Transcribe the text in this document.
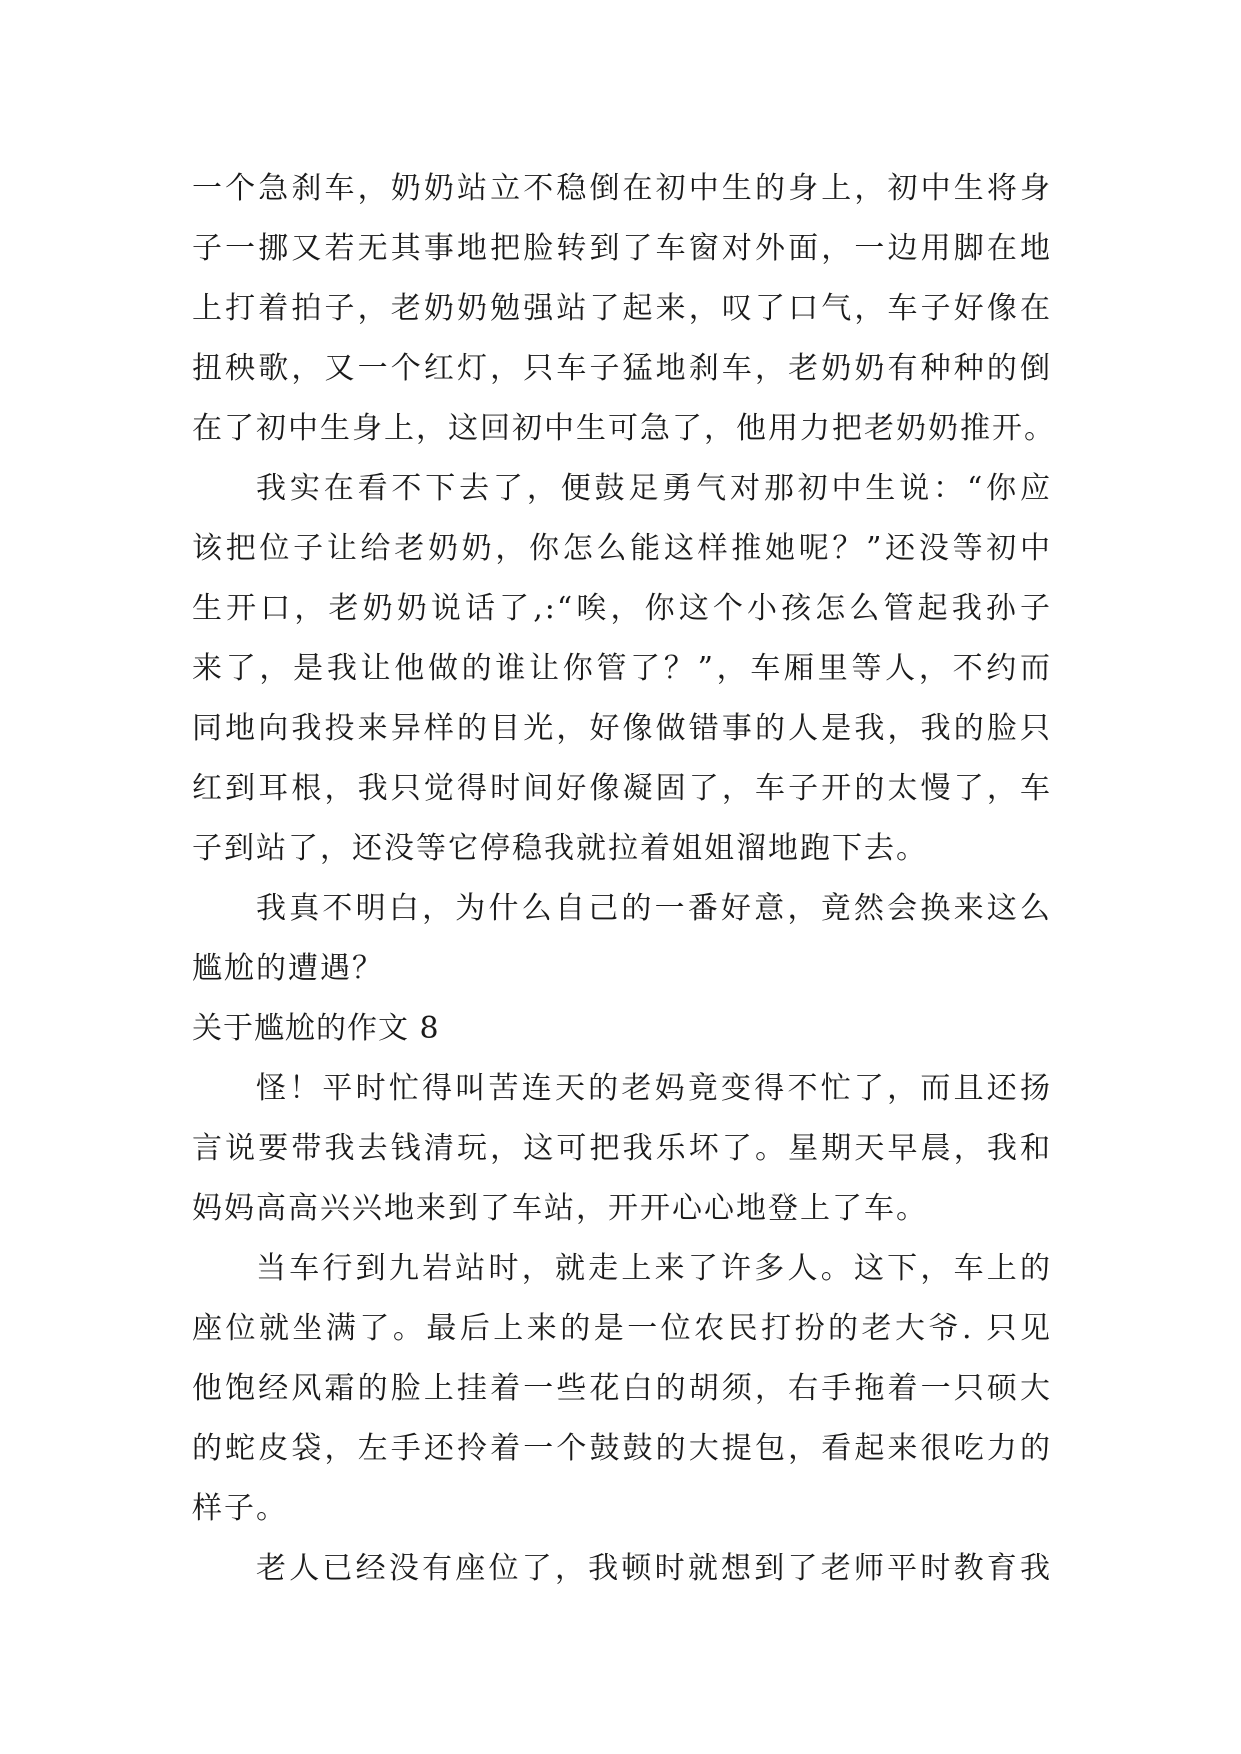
一个急刹车，奶奶站立不稳倒在初中生的身上，初中生将身
子一挪又若无其事地把脸转到了车窗对外面，一边用脚在地
上打着拍子，老奶奶勉强站了起来，叹了口气，车子好像在
扭秧歌，又一个红灯，只车子猛地刹车，老奶奶有种种的倒
在了初中生身上，这回初中生可急了，他用力把老奶奶推开。
我实在看不下去了，便鼓足勇气对那初中生说：“你应
该把位子让给老奶奶，你怎么能这样推她呢？”还没等初中
生开口，老奶奶说话了,:“唉，你这个小孩怎么管起我孙子
来了，是我让他做的谁让你管了？”，车厢里等人，不约而
同地向我投来异样的目光，好像做错事的人是我，我的脸只
红到耳根，我只觉得时间好像凝固了，车子开的太慢了，车
子到站了，还没等它停稳我就拉着姐姐溜地跑下去。
我真不明白，为什么自己的一番好意，竟然会换来这么
尴尬的遭遇？
关于尴尬的作文 8
怪！平时忙得叫苦连天的老妈竟变得不忙了，而且还扬
言说要带我去钱清玩，这可把我乐坏了。星期天早晨，我和
妈妈高高兴兴地来到了车站，开开心心地登上了车。
当车行到九岩站时，就走上来了许多人。这下，车上的
座位就坐满了。最后上来的是一位农民打扮的老大爷. 只见
他饱经风霜的脸上挂着一些花白的胡须，右手拖着一只硕大
的蛇皮袋，左手还拎着一个鼓鼓的大提包，看起来很吃力的
样子。
老人已经没有座位了，我顿时就想到了老师平时教育我
